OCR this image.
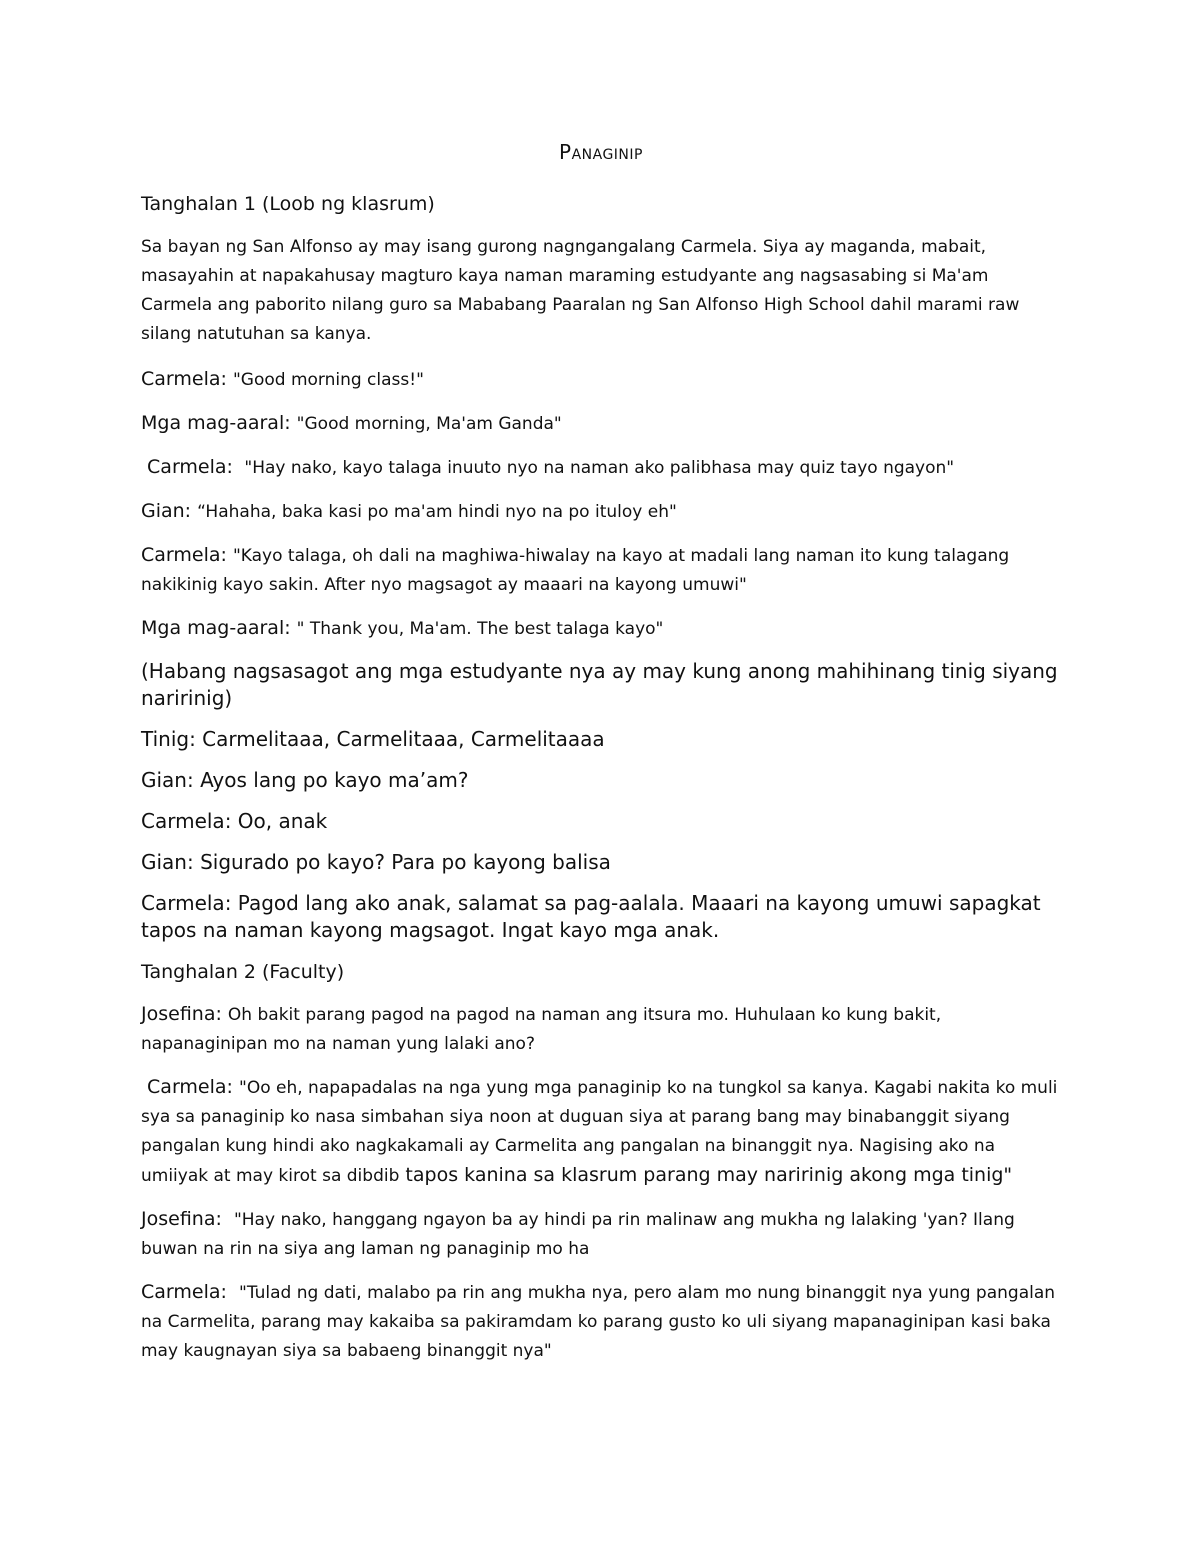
Panaginip
Tanghalan 1 (Loob ng klasrum)
Sa bayan ng San Alfonso ay may isang gurong nagngangalang Carmela. Siya ay maganda, mabait, masayahin at napakahusay magturo kaya naman maraming estudyante ang nagsasabing si Ma'am Carmela ang paborito nilang guro sa Mababang Paaralan ng San Alfonso High School dahil marami raw silang natutuhan sa kanya.
Carmela: "Good morning class!"
Mga mag-aaral: "Good morning, Ma'am Ganda"
Carmela:  "Hay nako, kayo talaga inuuto nyo na naman ako palibhasa may quiz tayo ngayon"
Gian: “Hahaha, baka kasi po ma'am hindi nyo na po ituloy eh"
Carmela: "Kayo talaga, oh dali na maghiwa-hiwalay na kayo at madali lang naman ito kung talagang nakikinig kayo sakin. After nyo magsagot ay maaari na kayong umuwi"
Mga mag-aaral: " Thank you, Ma'am. The best talaga kayo"
(Habang nagsasagot ang mga estudyante nya ay may kung anong mahihinang tinig siyang naririnig)
Tinig: Carmelitaaa, Carmelitaaa, Carmelitaaaa
Gian: Ayos lang po kayo ma’am?
Carmela: Oo, anak
Gian: Sigurado po kayo? Para po kayong balisa
Carmela: Pagod lang ako anak, salamat sa pag-aalala. Maaari na kayong umuwi sapagkat tapos na naman kayong magsagot. Ingat kayo mga anak.
Tanghalan 2 (Faculty)
Josefina: Oh bakit parang pagod na pagod na naman ang itsura mo. Huhulaan ko kung bakit, napanaginipan mo na naman yung lalaki ano?
Carmela: "Oo eh, napapadalas na nga yung mga panaginip ko na tungkol sa kanya. Kagabi nakita ko muli sya sa panaginip ko nasa simbahan siya noon at duguan siya at parang bang may binabanggit siyang pangalan kung hindi ako nagkakamali ay Carmelita ang pangalan na binanggit nya. Nagising ako na umiiyak at may kirot sa dibdib tapos kanina sa klasrum parang may naririnig akong mga tinig"
Josefina:  "Hay nako, hanggang ngayon ba ay hindi pa rin malinaw ang mukha ng lalaking 'yan? Ilang buwan na rin na siya ang laman ng panaginip mo ha
Carmela:  "Tulad ng dati, malabo pa rin ang mukha nya, pero alam mo nung binanggit nya yung pangalan na Carmelita, parang may kakaiba sa pakiramdam ko parang gusto ko uli siyang mapanaginipan kasi baka may kaugnayan siya sa babaeng binanggit nya"
